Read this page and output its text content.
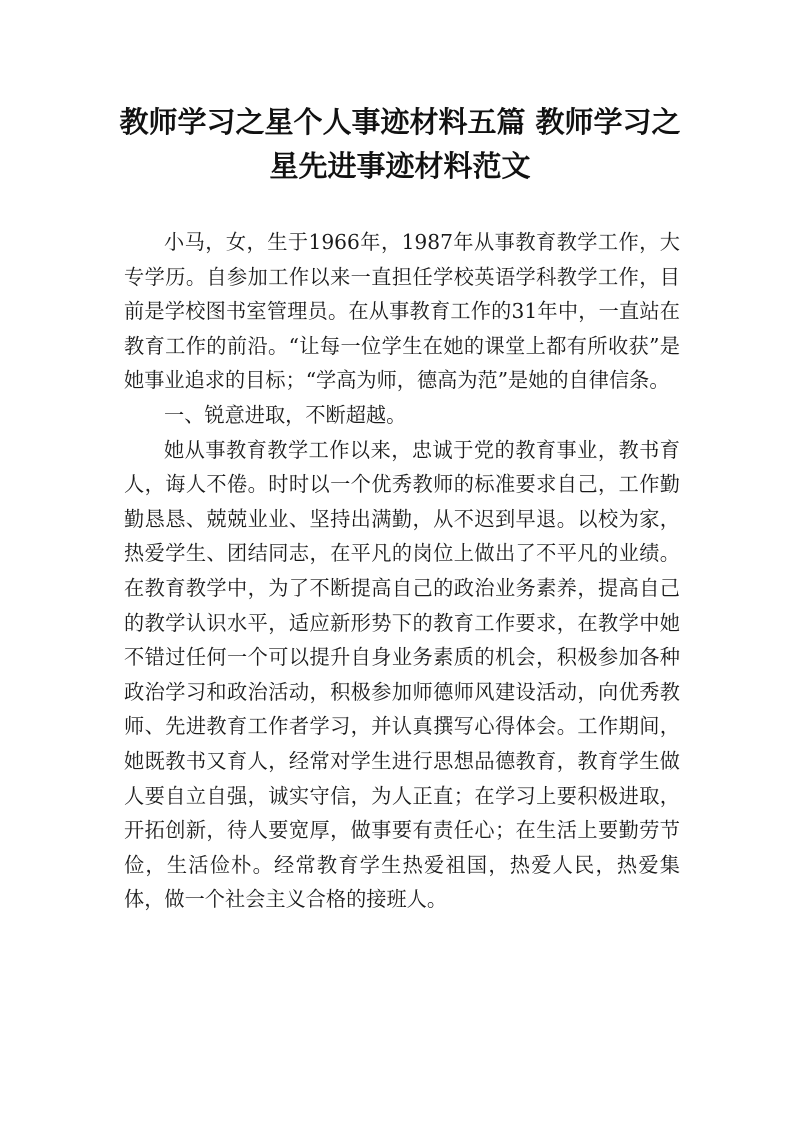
教师学习之星个人事迹材料五篇 教师学习之星先进事迹材料范文

小马，女，生于1966年，1987年从事教育教学工作，大专学历。自参加工作以来一直担任学校英语学科教学工作，目前是学校图书室管理员。在从事教育工作的31年中，一直站在教育工作的前沿。“让每一位学生在她的课堂上都有所收获”是她事业追求的目标；“学高为师，德高为范”是她的自律信条。

一、锐意进取，不断超越。

她从事教育教学工作以来，忠诚于党的教育事业，教书育人，诲人不倦。时时以一个优秀教师的标准要求自己，工作勤勤恳恳、兢兢业业、坚持出满勤，从不迟到早退。以校为家，热爱学生、团结同志，在平凡的岗位上做出了不平凡的业绩。在教育教学中，为了不断提高自己的政治业务素养，提高自己的教学认识水平，适应新形势下的教育工作要求，在教学中她不错过任何一个可以提升自身业务素质的机会，积极参加各种政治学习和政治活动，积极参加师德师风建设活动，向优秀教师、先进教育工作者学习，并认真撰写心得体会。工作期间，她既教书又育人，经常对学生进行思想品德教育，教育学生做人要自立自强，诚实守信，为人正直；在学习上要积极进取，开拓创新，待人要宽厚，做事要有责任心；在生活上要勤劳节俭，生活俭朴。经常教育学生热爱祖国，热爱人民，热爱集体，做一个社会主义合格的接班人。
